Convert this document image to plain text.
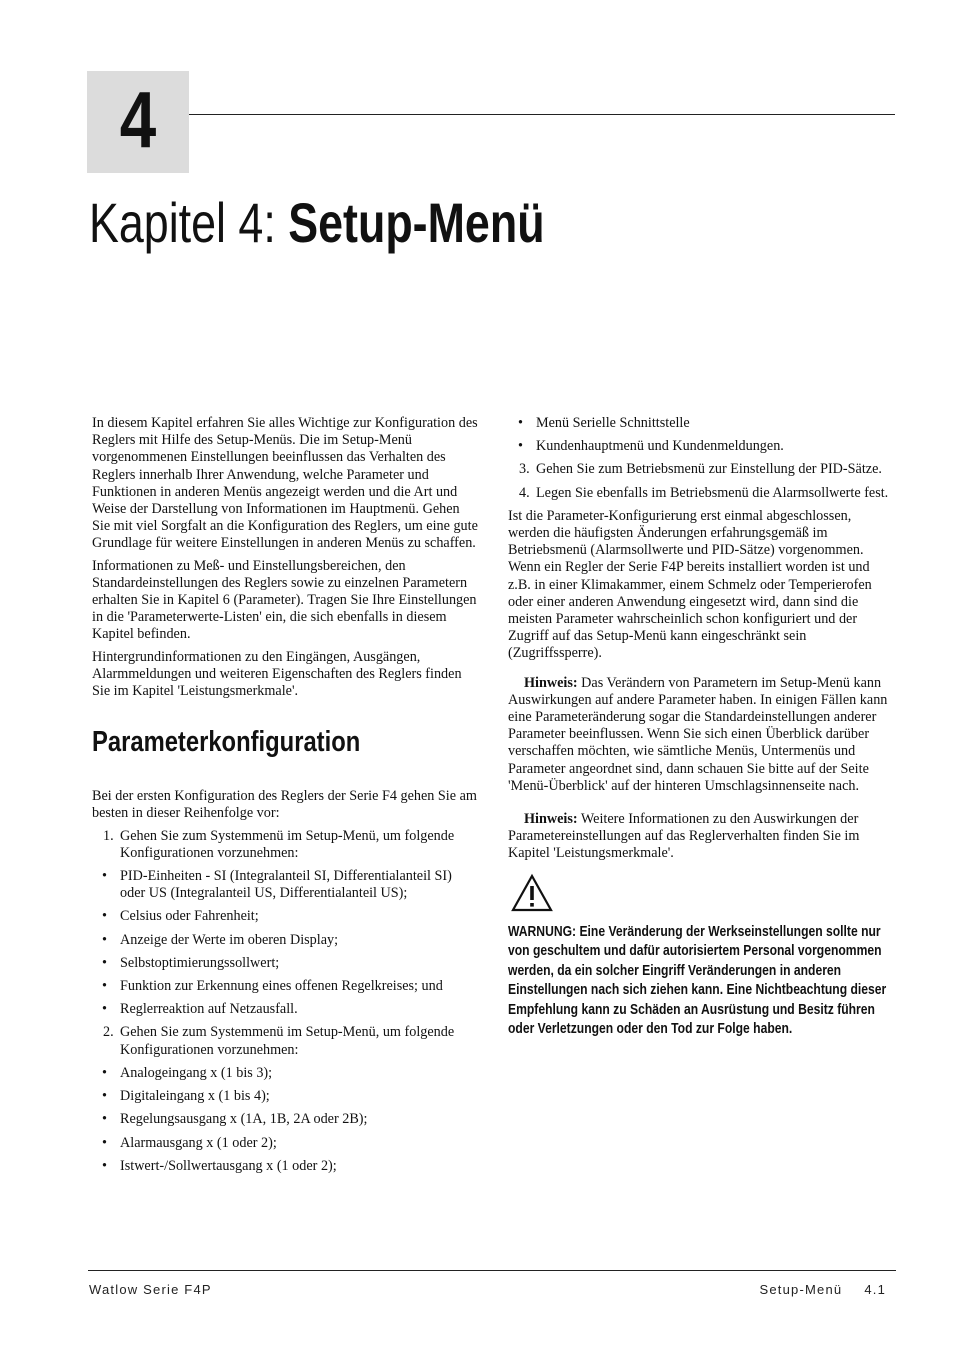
4
Kapitel 4: Setup-Menü

In diesem Kapitel erfahren Sie alles Wichtige zur Konfiguration des Reglers mit Hilfe des Setup-Menüs. Die im Setup-Menü vorgenommenen Einstellungen beeinflussen das Verhalten des Reglers innerhalb Ihrer Anwendung, welche Parameter und Funktionen in anderen Menüs angezeigt werden und die Art und Weise der Darstellung von Informationen im Hauptmenü. Gehen Sie mit viel Sorgfalt an die Konfiguration des Reglers, um eine gute Grundlage für weitere Einstellungen in anderen Menüs zu schaffen.

Informationen zu Meß- und Einstellungsbereichen, den Standardeinstellungen des Reglers sowie zu einzelnen Parametern erhalten Sie in Kapitel 6 (Parameter). Tragen Sie Ihre Einstellungen in die 'Parameterwerte-Listen' ein, die sich ebenfalls in diesem Kapitel befinden.

Hintergrundinformationen zu den Eingängen, Ausgängen, Alarmmeldungen und weiteren Eigenschaften des Reglers finden Sie im Kapitel 'Leistungsmerkmale'.

Parameterkonfiguration

Bei der ersten Konfiguration des Reglers der Serie F4 gehen Sie am besten in dieser Reihenfolge vor:

1. Gehen Sie zum Systemmenü im Setup-Menü, um folgende Konfigurationen vorzunehmen:
• PID-Einheiten - SI (Integralanteil SI, Differentialanteil SI) oder US (Integralanteil US, Differentialanteil US);
• Celsius oder Fahrenheit;
• Anzeige der Werte im oberen Display;
• Selbstoptimierungssollwert;
• Funktion zur Erkennung eines offenen Regelkreises; und
• Reglerreaktion auf Netzausfall.
2. Gehen Sie zum Systemmenü im Setup-Menü, um folgende Konfigurationen vorzunehmen:
• Analogeingang x (1 bis 3);
• Digitaleingang x (1 bis 4);
• Regelungsausgang x (1A, 1B, 2A oder 2B);
• Alarmausgang x (1 oder 2);
• Istwert-/Sollwertausgang x (1 oder 2);
• Menü Serielle Schnittstelle
• Kundenhauptmenü und Kundenmeldungen.
3. Gehen Sie zum Betriebsmenü zur Einstellung der PID-Sätze.
4. Legen Sie ebenfalls im Betriebsmenü die Alarmsollwerte fest.

Ist die Parameter-Konfigurierung erst einmal abgeschlossen, werden die häufigsten Änderungen erfahrungsgemäß im Betriebsmenü (Alarmsollwerte und PID-Sätze) vorgenommen. Wenn ein Regler der Serie F4P bereits installiert worden ist und z.B. in einer Klimakammer, einem Schmelz oder Temperierofen oder einer anderen Anwendung eingesetzt wird, dann sind die meisten Parameter wahrscheinlich schon konfiguriert und der Zugriff auf das Setup-Menü kann eingeschränkt sein (Zugriffssperre).

Hinweis: Das Verändern von Parametern im Setup-Menü kann Auswirkungen auf andere Parameter haben. In einigen Fällen kann eine Parameteränderung sogar die Standardeinstellungen anderer Parameter beeinflussen. Wenn Sie sich einen Überblick darüber verschaffen möchten, wie sämtliche Menüs, Untermenüs und Parameter angeordnet sind, dann schauen Sie bitte auf der Seite 'Menü-Überblick' auf der hinteren Umschlagsinnenseite nach.

Hinweis: Weitere Informationen zu den Auswirkungen der Parametereinstellungen auf das Reglerverhalten finden Sie im Kapitel 'Leistungsmerkmale'.

WARNUNG: Eine Veränderung der Werkseinstellungen sollte nur von geschultem und dafür autorisiertem Personal vorgenommen werden, da ein solcher Eingriff Veränderungen in anderen Einstellungen nach sich ziehen kann. Eine Nichtbeachtung dieser Empfehlung kann zu Schäden an Ausrüstung und Besitz führen oder Verletzungen oder den Tod zur Folge haben.
Watlow Serie F4P	Setup-Menü 4.1
